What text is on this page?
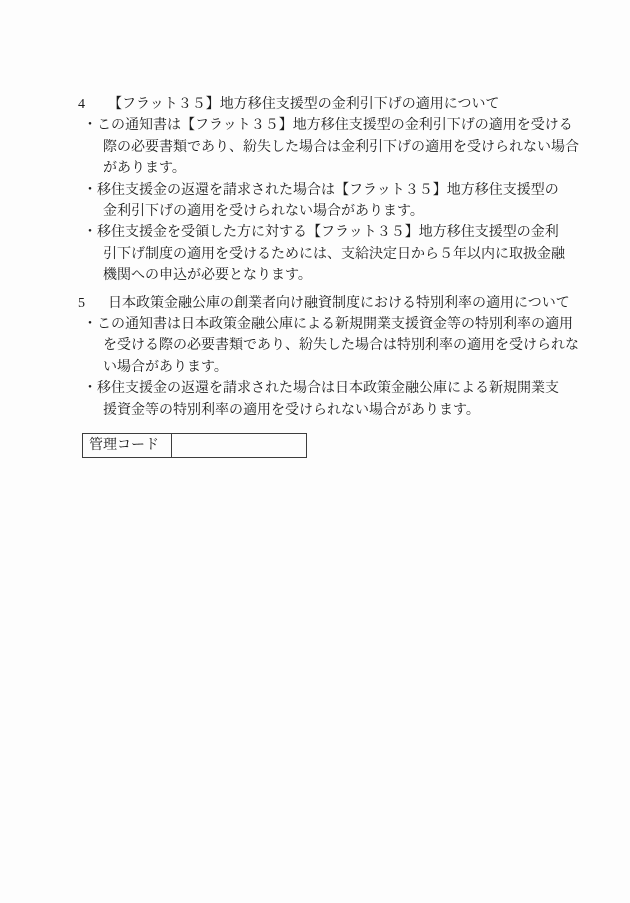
4 【フラット３５】地方移住支援型の金利引下げの適用について
・この通知書は【フラット３５】地方移住支援型の金利引下げの適用を受ける
際の必要書類であり、紛失した場合は金利引下げの適用を受けられない場合
があります。
・移住支援金の返還を請求された場合は【フラット３５】地方移住支援型の
金利引下げの適用を受けられない場合があります。
・移住支援金を受領した方に対する【フラット３５】地方移住支援型の金利
引下げ制度の適用を受けるためには、支給決定日から５年以内に取扱金融
機関への申込が必要となります。
5 日本政策金融公庫の創業者向け融資制度における特別利率の適用について
・この通知書は日本政策金融公庫による新規開業支援資金等の特別利率の適用
を受ける際の必要書類であり、紛失した場合は特別利率の適用を受けられな
い場合があります。
・移住支援金の返還を請求された場合は日本政策金融公庫による新規開業支
援資金等の特別利率の適用を受けられない場合があります。
管理コード
